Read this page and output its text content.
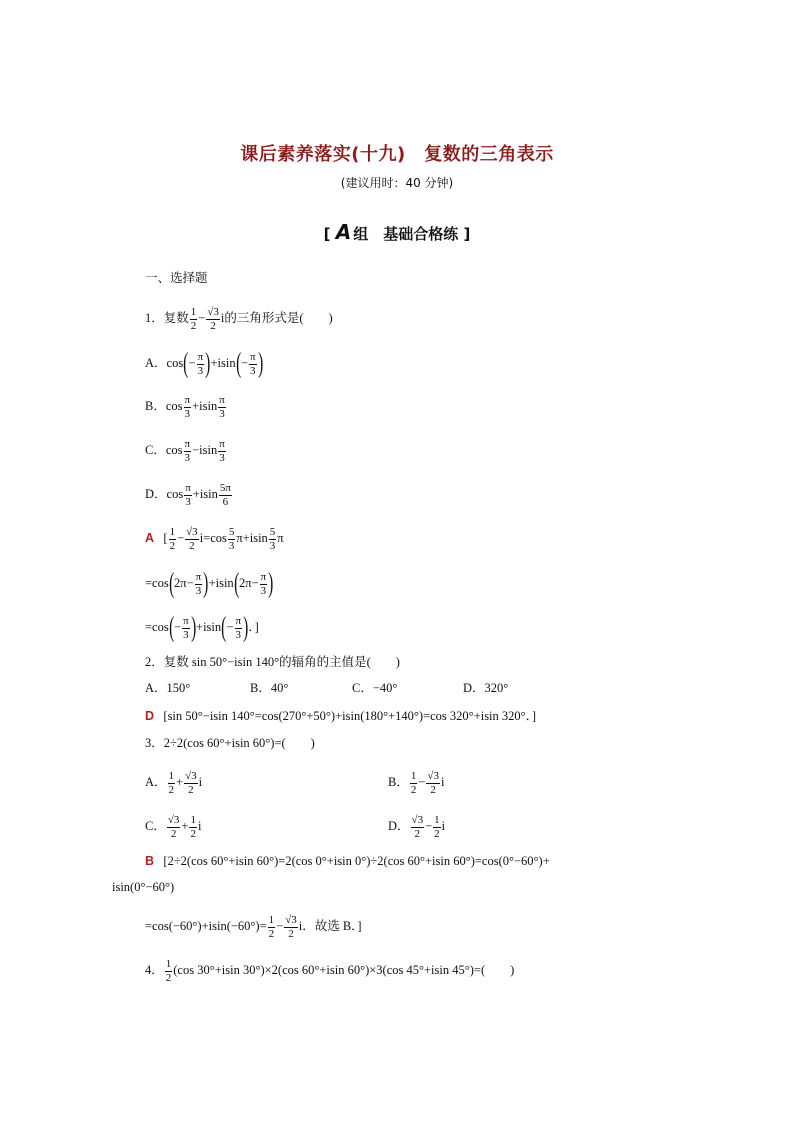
课后素养落实(十九)　复数的三角表示
(建议用时：40 分钟)
[ A 组　基础合格练 ]
一、选择题
1．复数 $\frac{1}{2} - \frac{√3}{2}$ i的三角形式是(　　)
A．$\cos(- \frac{\pi}{3} )+isin(- \frac{\pi}{3}$ )
B．$\cos \frac{\pi}{3} +isin \frac{\pi}{3}$
C．$\cos \frac{\pi}{3} -isin \frac{\pi}{3}$
D．$\cos \frac{\pi}{3} +isin \frac{5\pi}{6}$
A [ $\frac{1}{2} - \frac{√3}{2} i=\cos \frac{5}{3} \pi+isin \frac{5}{3}$ π
$=\cos(2\pi- \frac{\pi}{3} )+isin(2\pi- \frac{\pi}{3}$ )
$=\cos(- \frac{\pi}{3} )+isin(- \frac{\pi}{3}$ )．]
2．复数 sin 50°−isin 140°的辐角的主值是(　　)
A．150°	B．40°	C．−40°	D．320°
D [sin 50°−isin 140°=cos(270°+50°)+isin(180°+140°)=cos 320°+isin 320°．]
3．2÷2(cos 60°+isin 60°)=(　　)
A． $\frac{1}{2} + \frac{√3}{2}$ i	B． $\frac{1}{2} - \frac{√3}{2}$ i
C． $\frac{√3}{2} + \frac{1}{2}$ i	D． $\frac{√3}{2} - \frac{1}{2}$ i
B [2÷2(cos 60°+isin 60°)=2(cos 0°+isin 0°)÷2(cos 60°+isin 60°)=cos(0°−60°)+
isin(0°−60°)
$=\cos(-60^\circ)+isin(-60^\circ)= \frac{1}{2} - \frac{√3}{2}$ i．故选 B．]
4． $\frac{1}{2} (\cos$ 30°+isin 30°)×2(cos 60°+isin 60°)×3(cos 45°+isin 45°)=(　　)
